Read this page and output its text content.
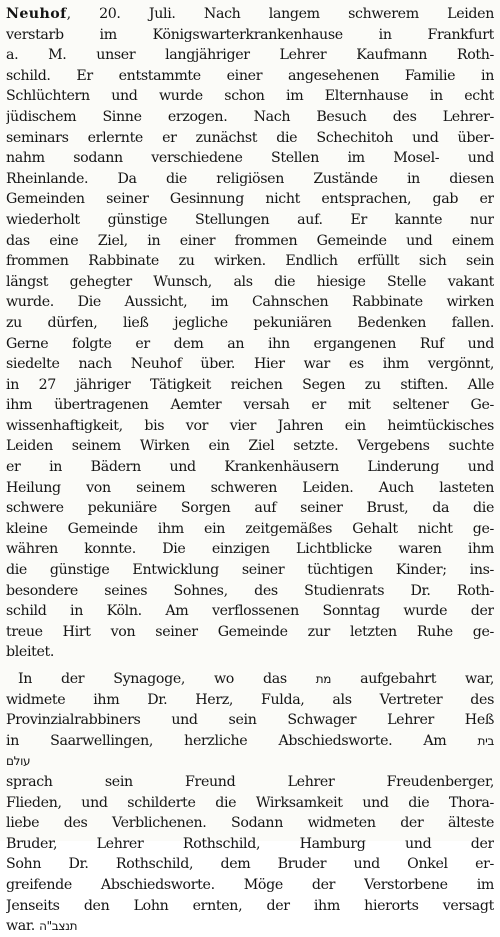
Neuhof, 20. Juli. Nach langem schwerem Leiden
verstarb im Königswarterkrankenhause in Frankfurt
a. M. unser langjähriger Lehrer Kaufmann Roth-
schild. Er entstammte einer angesehenen Familie in
Schlüchtern und wurde schon im Elternhause in echt
jüdischem Sinne erzogen. Nach Besuch des Lehrer-
seminars erlernte er zunächst die Schechitoh und über-
nahm sodann verschiedene Stellen im Mosel- und
Rheinlande. Da die religiösen Zustände in diesen
Gemeinden seiner Gesinnung nicht entsprachen, gab er
wiederholt günstige Stellungen auf. Er kannte nur
das eine Ziel, in einer frommen Gemeinde und einem
frommen Rabbinate zu wirken. Endlich erfüllt sich sein
längst gehegter Wunsch, als die hiesige Stelle vakant
wurde. Die Aussicht, im Cahnschen Rabbinate wirken
zu dürfen, ließ jegliche pekuniären Bedenken fallen.
Gerne folgte er dem an ihn ergangenen Ruf und
siedelte nach Neuhof über. Hier war es ihm vergönnt,
in 27 jähriger Tätigkeit reichen Segen zu stiften. Alle
ihm übertragenen Aemter versah er mit seltener Ge-
wissenhaftigkeit, bis vor vier Jahren ein heimtückisches
Leiden seinem Wirken ein Ziel setzte. Vergebens suchte
er in Bädern und Krankenhäusern Linderung und
Heilung von seinem schweren Leiden. Auch lasteten
schwere pekuniäre Sorgen auf seiner Brust, da die
kleine Gemeinde ihm ein zeitgemäßes Gehalt nicht ge-
währen konnte. Die einzigen Lichtblicke waren ihm
die günstige Entwicklung seiner tüchtigen Kinder; ins-
besondere seines Sohnes, des Studienrats Dr. Roth-
schild in Köln. Am verflossenen Sonntag wurde der
treue Hirt von seiner Gemeinde zur letzten Ruhe ge-
bleitet.
In der Synagoge, wo das מת aufgebahrt war,
widmete ihm Dr. Herz, Fulda, als Vertreter des
Provinzialrabbiners und sein Schwager Lehrer Heß
in Saarwellingen, herzliche Abschiedsworte. Am בית
עולם
sprach sein Freund Lehrer Freudenberger,
Flieden, und schilderte die Wirksamkeit und die Thora-
liebe des Verblichenen. Sodann widmeten der älteste
Bruder, Lehrer Rothschild, Hamburg und der
Sohn Dr. Rothschild, dem Bruder und Onkel er-
greifende Abschiedsworte. Möge der Verstorbene im
Jenseits den Lohn ernten, der ihm hierorts versagt
war. תנצב"ה
